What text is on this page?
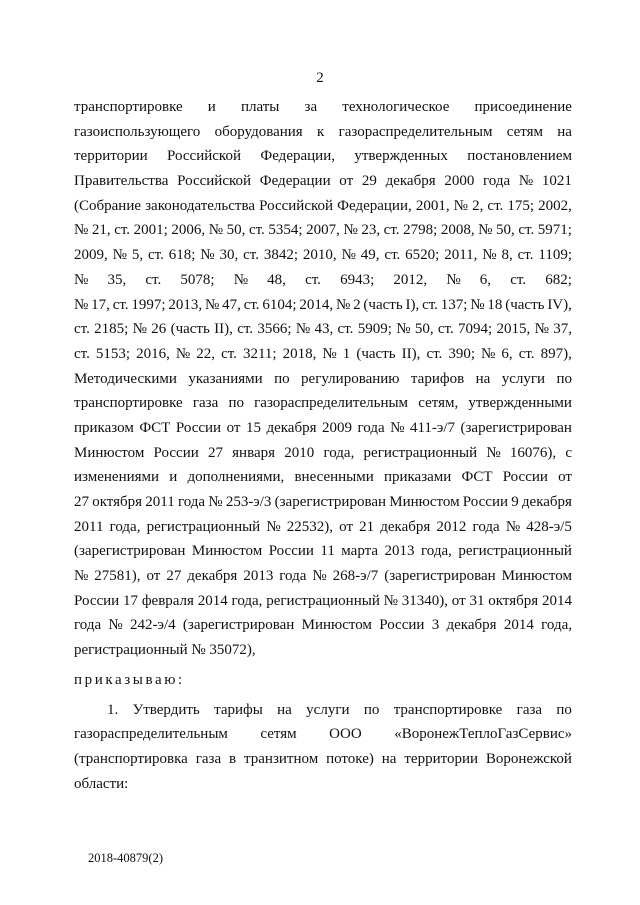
2
транспортировке и платы за технологическое присоединение
газоиспользующего оборудования к газораспределительным сетям на
территории Российской Федерации, утвержденных постановлением
Правительства Российской Федерации от 29 декабря 2000 года № 1021
(Собрание законодательства Российской Федерации, 2001, № 2, ст. 175; 2002,
№ 21, ст. 2001; 2006, № 50, ст. 5354; 2007, № 23, ст. 2798; 2008, № 50, ст. 5971;
2009, № 5, ст. 618; № 30, ст. 3842; 2010, № 49, ст. 6520; 2011, № 8, ст. 1109;
№ 35, ст. 5078; № 48, ст. 6943; 2012, № 6, ст. 682;
№ 17, ст. 1997; 2013, № 47, ст. 6104; 2014, № 2 (часть I), ст. 137; № 18 (часть IV),
ст. 2185; № 26 (часть II), ст. 3566; № 43, ст. 5909; № 50, ст. 7094; 2015, № 37,
ст. 5153; 2016, № 22, ст. 3211; 2018, № 1 (часть II), ст. 390; № 6, ст. 897),
Методическими указаниями по регулированию тарифов на услуги по
транспортировке газа по газораспределительным сетям, утвержденными
приказом ФСТ России от 15 декабря 2009 года № 411-э/7 (зарегистрирован
Минюстом России 27 января 2010 года, регистрационный № 16076), с
изменениями и дополнениями, внесенными приказами ФСТ России от
27 октября 2011 года № 253-э/3 (зарегистрирован Минюстом России 9 декабря
2011 года, регистрационный № 22532), от 21 декабря 2012 года № 428-э/5
(зарегистрирован Минюстом России 11 марта 2013 года, регистрационный
№ 27581), от 27 декабря 2013 года № 268-э/7 (зарегистрирован Минюстом
России 17 февраля 2014 года, регистрационный № 31340), от 31 октября 2014
года № 242-э/4 (зарегистрирован Минюстом России 3 декабря 2014 года,
регистрационный № 35072),
приказываю:
1. Утвердить тарифы на услуги по транспортировке газа по
газораспределительным сетям ООО «ВоронежТеплоГазСервис»
(транспортировка газа в транзитном потоке) на территории Воронежской
области:
2018-40879(2)
